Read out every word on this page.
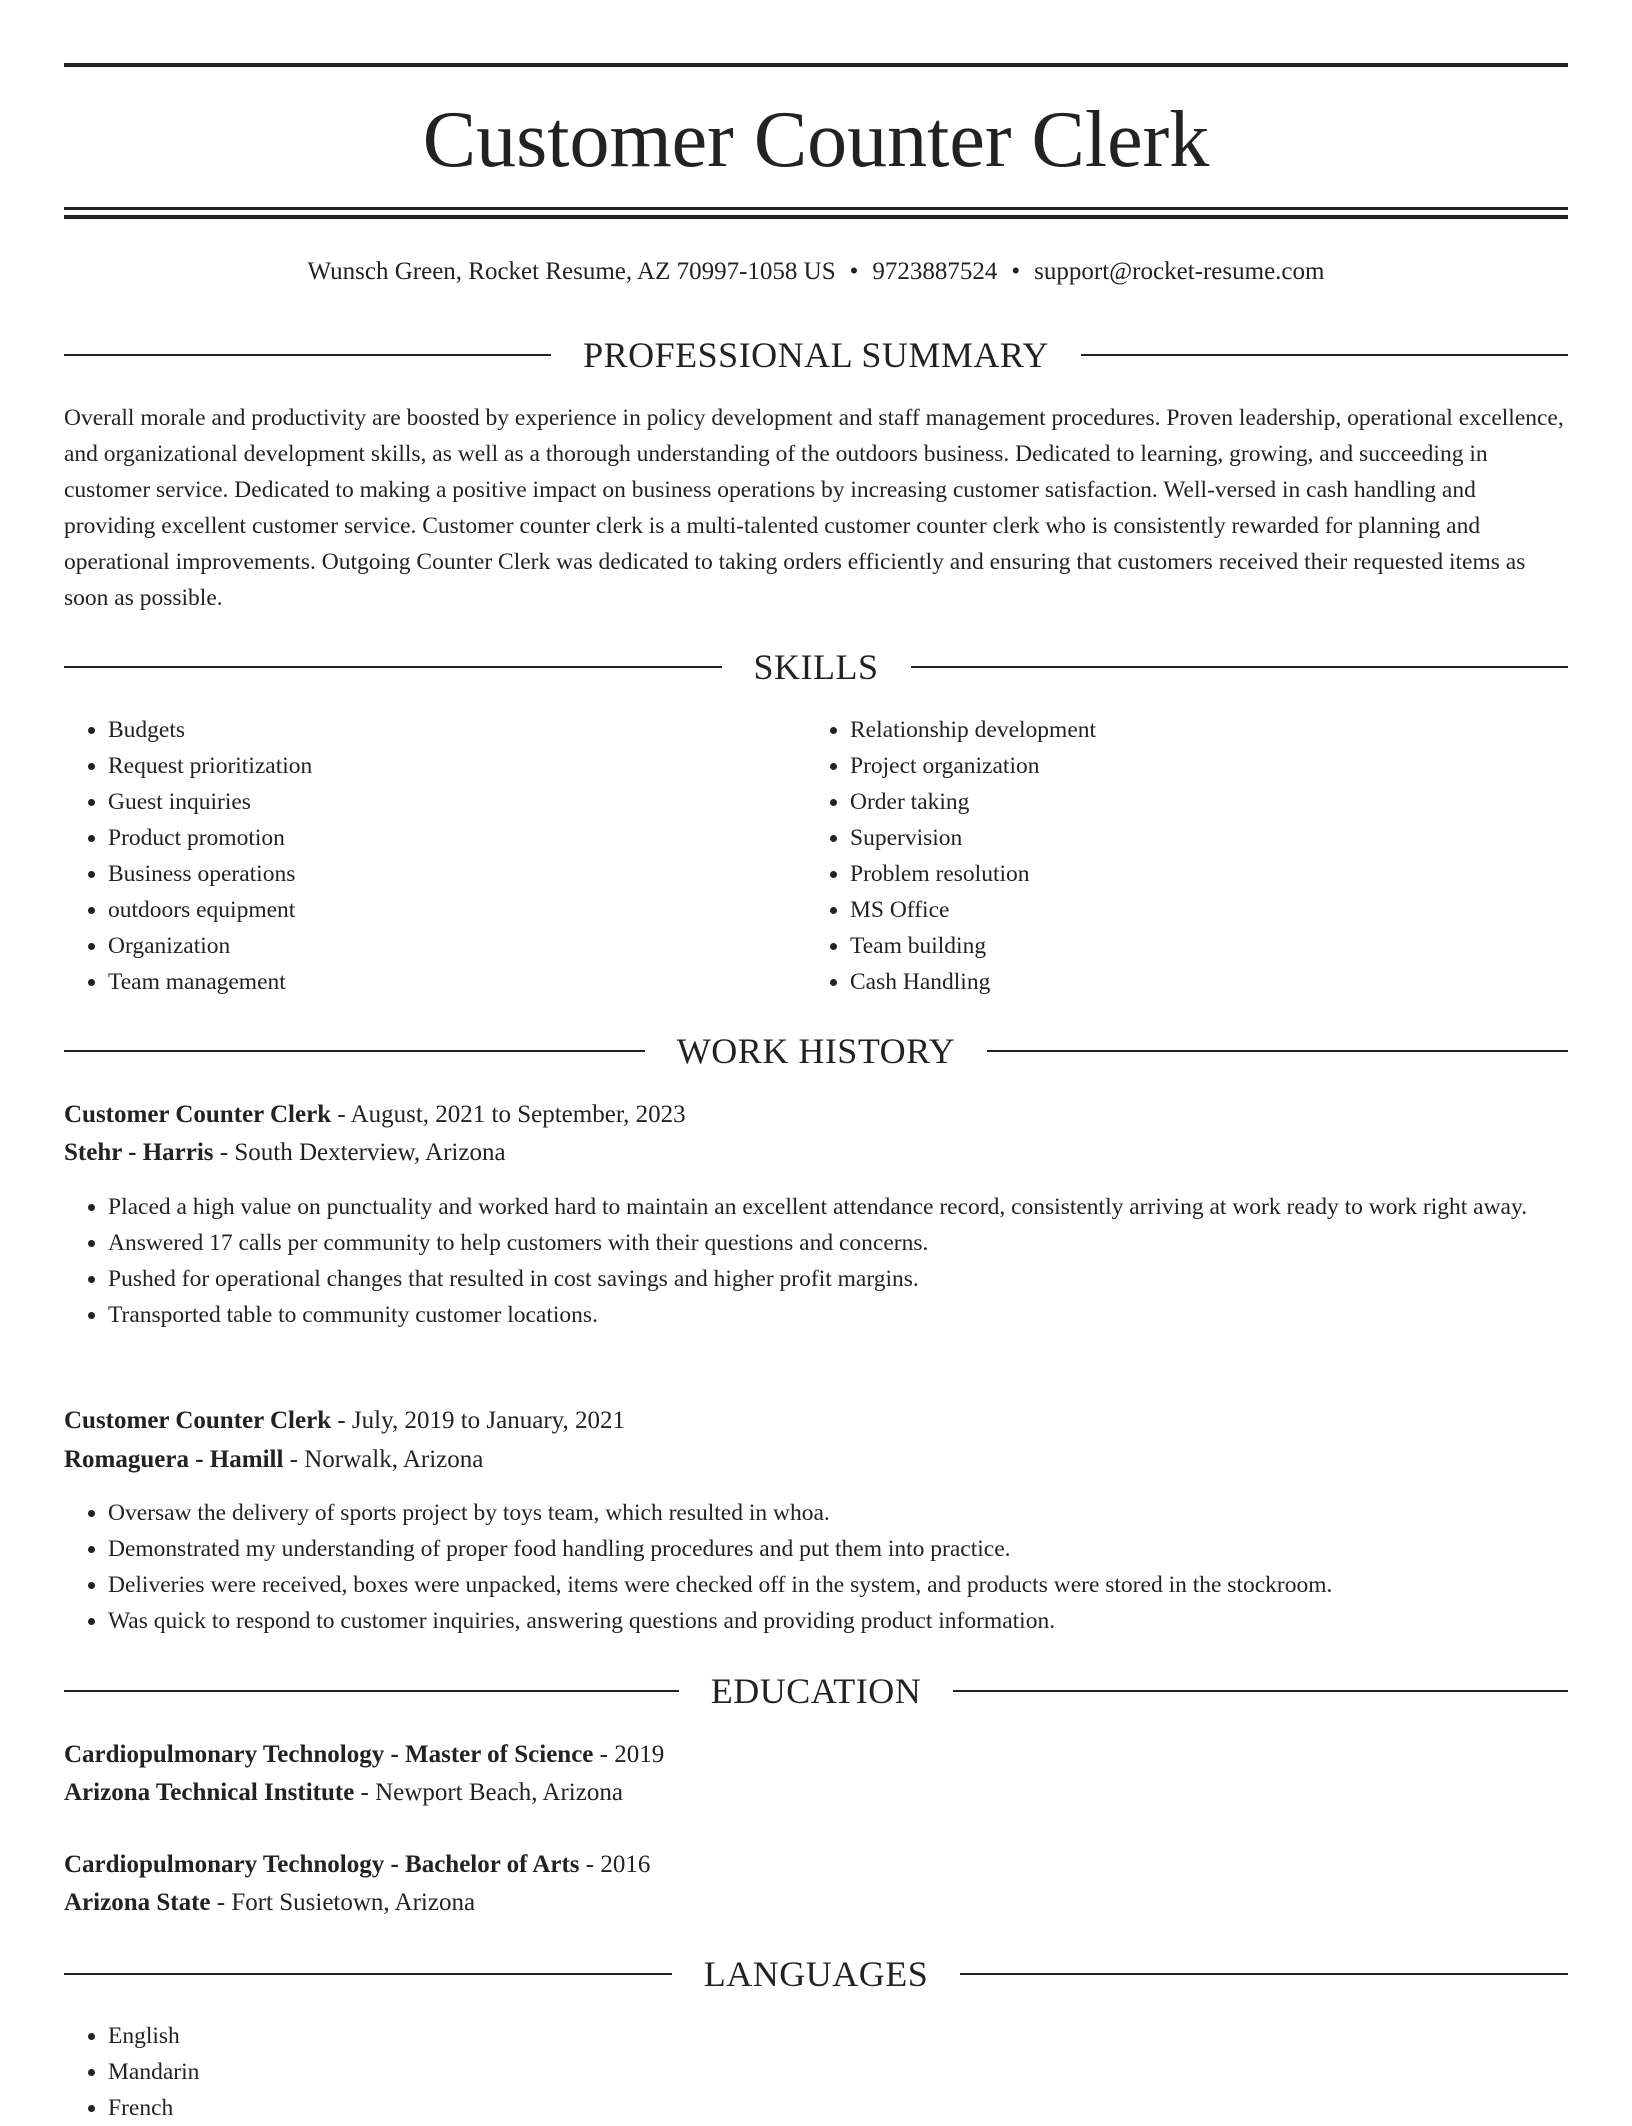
Customer Counter Clerk
Wunsch Green, Rocket Resume, AZ 70997-1058 US • 9723887524 • support@rocket-resume.com
PROFESSIONAL SUMMARY

Overall morale and productivity are boosted by experience in policy development and staff management procedures. Proven leadership, operational excellence, and organizational development skills, as well as a thorough understanding of the outdoors business. Dedicated to learning, growing, and succeeding in customer service. Dedicated to making a positive impact on business operations by increasing customer satisfaction. Well-versed in cash handling and providing excellent customer service. Customer counter clerk is a multi-talented customer counter clerk who is consistently rewarded for planning and operational improvements. Outgoing Counter Clerk was dedicated to taking orders efficiently and ensuring that customers received their requested items as soon as possible.

SKILLS
• Budgets
• Request prioritization
• Guest inquiries
• Product promotion
• Business operations
• outdoors equipment
• Organization
• Team management
• Relationship development
• Project organization
• Order taking
• Supervision
• Problem resolution
• MS Office
• Team building
• Cash Handling
WORK HISTORY
Customer Counter Clerk - August, 2021 to September, 2023
Stehr - Harris - South Dexterview, Arizona
• Placed a high value on punctuality and worked hard to maintain an excellent attendance record, consistently arriving at work ready to work right away.
• Answered 17 calls per community to help customers with their questions and concerns.
• Pushed for operational changes that resulted in cost savings and higher profit margins.
• Transported table to community customer locations.
Customer Counter Clerk - July, 2019 to January, 2021
Romaguera - Hamill - Norwalk, Arizona
• Oversaw the delivery of sports project by toys team, which resulted in whoa.
• Demonstrated my understanding of proper food handling procedures and put them into practice.
• Deliveries were received, boxes were unpacked, items were checked off in the system, and products were stored in the stockroom.
• Was quick to respond to customer inquiries, answering questions and providing product information.
EDUCATION
Cardiopulmonary Technology - Master of Science - 2019
Arizona Technical Institute - Newport Beach, Arizona
Cardiopulmonary Technology - Bachelor of Arts - 2016
Arizona State - Fort Susietown, Arizona
LANGUAGES
• English
• Mandarin
• French
